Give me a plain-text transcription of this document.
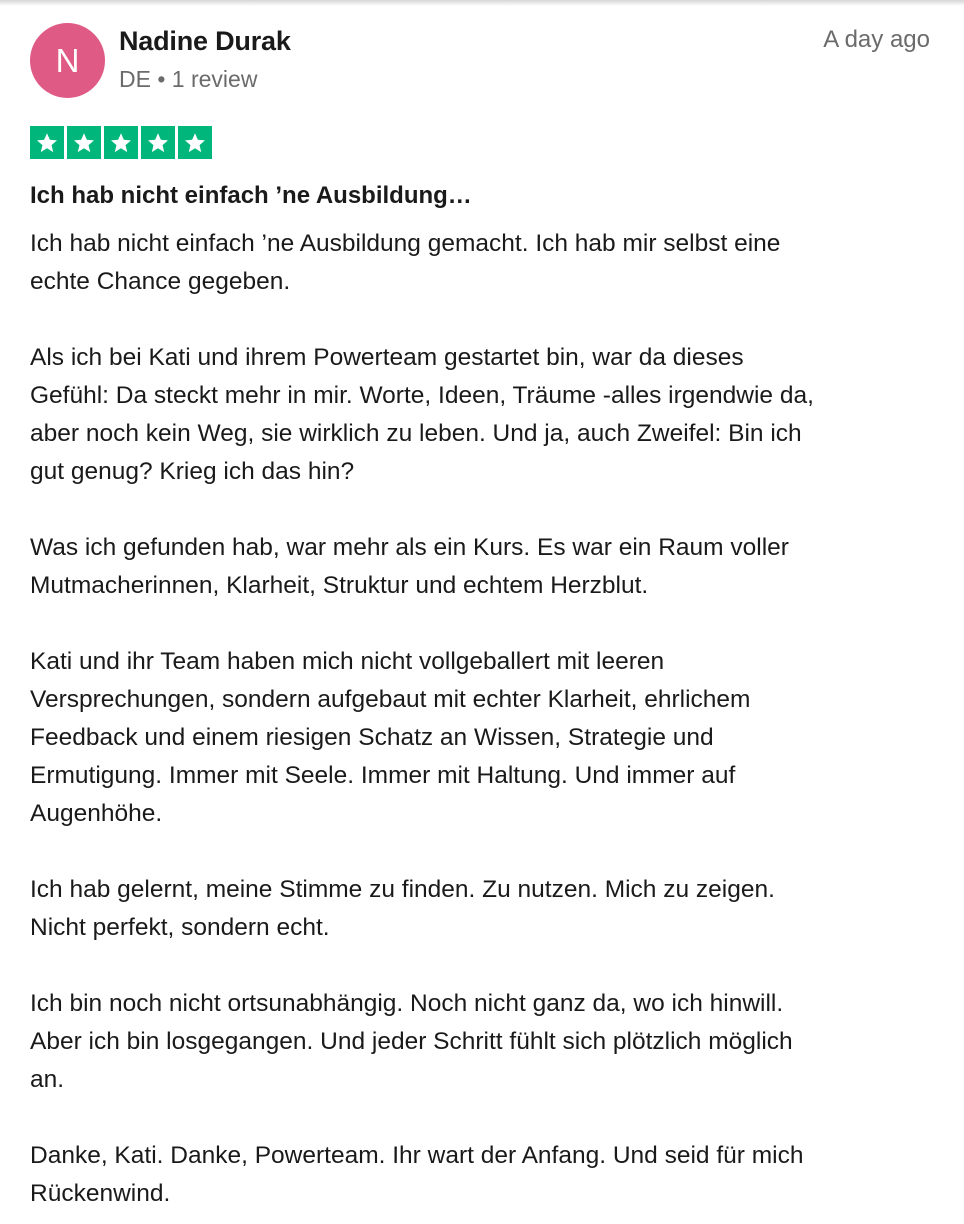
N
Nadine Durak
DE • 1 review
A day ago
Ich hab nicht einfach ’ne Ausbildung…

Ich hab nicht einfach ’ne Ausbildung gemacht. Ich hab mir selbst eine
echte Chance gegeben.

Als ich bei Kati und ihrem Powerteam gestartet bin, war da dieses
Gefühl: Da steckt mehr in mir. Worte, Ideen, Träume -alles irgendwie da,
aber noch kein Weg, sie wirklich zu leben. Und ja, auch Zweifel: Bin ich
gut genug? Krieg ich das hin?

Was ich gefunden hab, war mehr als ein Kurs. Es war ein Raum voller
Mutmacherinnen, Klarheit, Struktur und echtem Herzblut.

Kati und ihr Team haben mich nicht vollgeballert mit leeren
Versprechungen, sondern aufgebaut mit echter Klarheit, ehrlichem
Feedback und einem riesigen Schatz an Wissen, Strategie und
Ermutigung. Immer mit Seele. Immer mit Haltung. Und immer auf
Augenhöhe.

Ich hab gelernt, meine Stimme zu finden. Zu nutzen. Mich zu zeigen.
Nicht perfekt, sondern echt.

Ich bin noch nicht ortsunabhängig. Noch nicht ganz da, wo ich hinwill.
Aber ich bin losgegangen. Und jeder Schritt fühlt sich plötzlich möglich
an.

Danke, Kati. Danke, Powerteam. Ihr wart der Anfang. Und seid für mich
Rückenwind.
